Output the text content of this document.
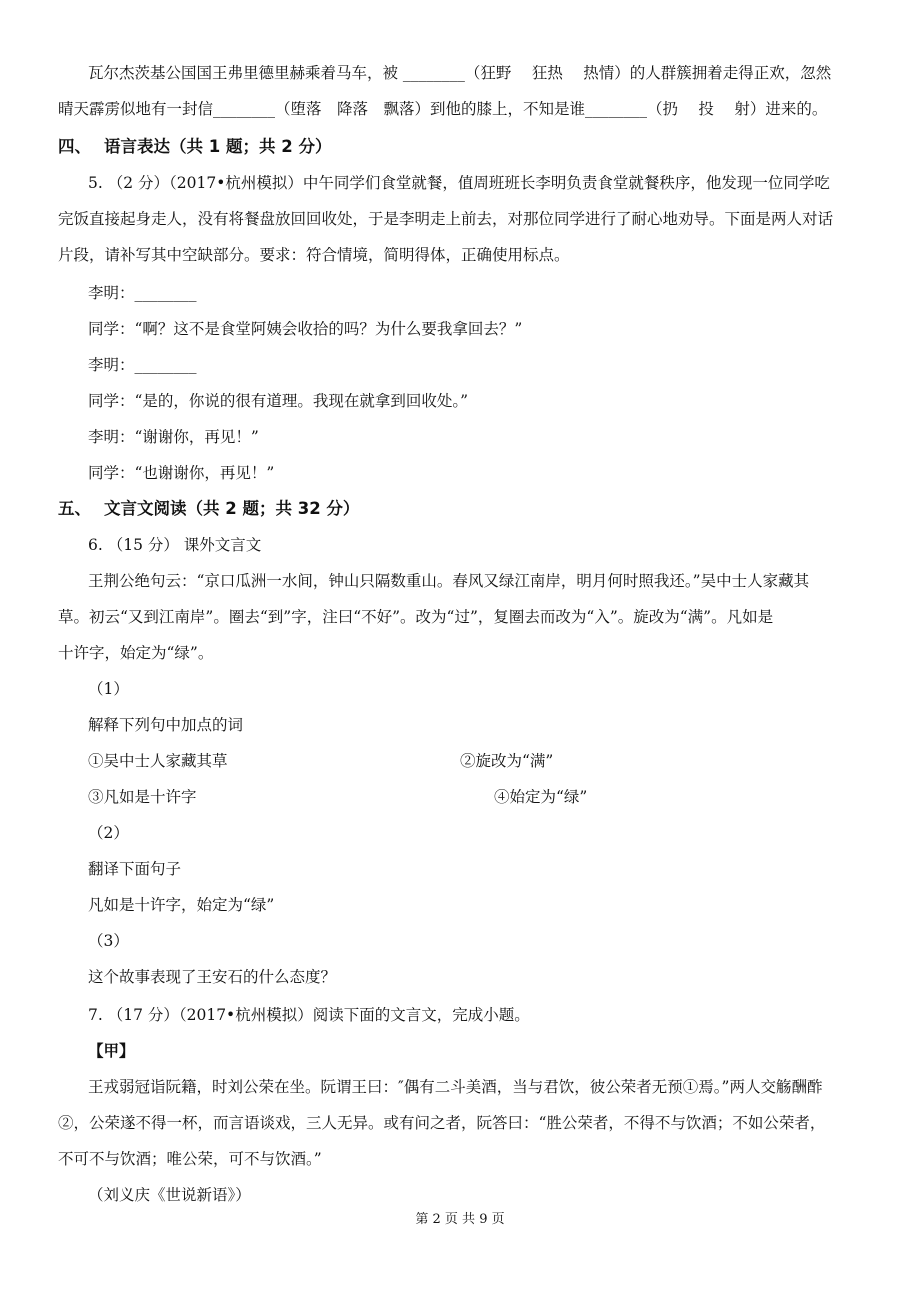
瓦尔杰茨基公国国王弗里德里赫乘着马车，被 ________（狂野　 狂热　 热情）的人群簇拥着走得正欢，忽然
晴天霹雳似地有一封信________（堕落　降落　飘落）到他的膝上，不知是谁________（扔　 投　 射）进来的。
四、 语言表达（共 1 题；共 2 分）
5. （2 分）（2017•杭州模拟）中午同学们食堂就餐，值周班班长李明负责食堂就餐秩序，他发现一位同学吃
完饭直接起身走人，没有将餐盘放回回收处，于是李明走上前去，对那位同学进行了耐心地劝导。下面是两人对话
片段，请补写其中空缺部分。要求：符合情境，简明得体，正确使用标点。
李明：________
同学：“啊？这不是食堂阿姨会收拾的吗？为什么要我拿回去？”
李明：________
同学：“是的，你说的很有道理。我现在就拿到回收处。”
李明：“谢谢你，再见！”
同学：“也谢谢你，再见！”
五、 文言文阅读（共 2 题；共 32 分）
6. （15 分） 课外文言文
王荆公绝句云：“京口瓜洲一水间，钟山只隔数重山。春风又绿江南岸，明月何时照我还。”吴中士人家藏其
草。初云“又到江南岸”。圈去“到”字，注曰“不好”。改为“过”，复圈去而改为“入”。旋改为“满”。凡如是
十许字，始定为“绿”。
（1）
解释下列句中加点的词
①吴中士人家藏其草	②旋改为“满”
③凡如是十许字	④始定为“绿”
（2）
翻译下面句子
凡如是十许字，始定为“绿”
（3）
这个故事表现了王安石的什么态度？
7. （17 分）（2017•杭州模拟）阅读下面的文言文，完成小题。
【甲】
王戎弱冠诣阮籍，时刘公荣在坐。阮谓王曰：″偶有二斗美酒，当与君饮，彼公荣者无预①焉。”两人交觞酬酢
②，公荣遂不得一杯，而言语谈戏，三人无异。或有问之者，阮答曰：“胜公荣者，不得不与饮酒；不如公荣者，
不可不与饮酒；唯公荣，可不与饮酒。”
（刘义庆《世说新语》）
第 2 页 共 9 页
